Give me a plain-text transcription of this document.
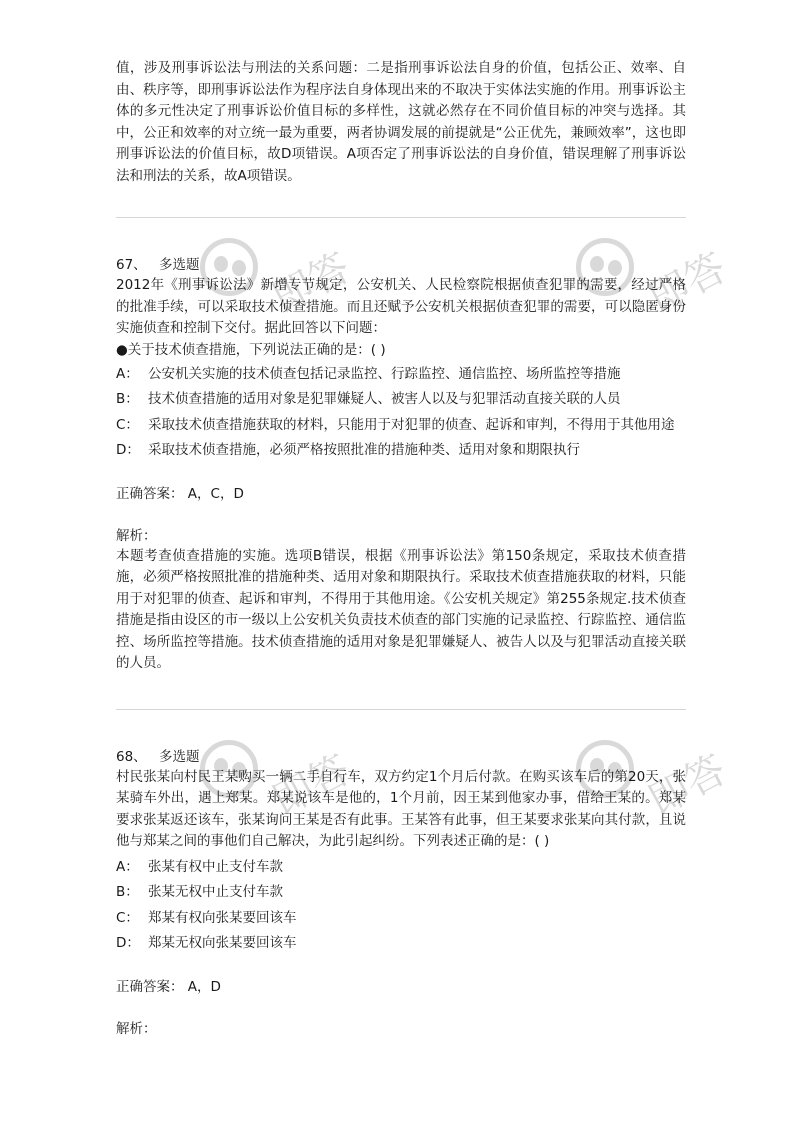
即答	即答
即答	即答

值，涉及刑事诉讼法与刑法的关系问题：二是指刑事诉讼法自身的价值，包括公正、效率、自由、秩序等，即刑事诉讼法作为程序法自身体现出来的不取决于实体法实施的作用。刑事诉讼主体的多元性决定了刑事诉讼价值目标的多样性，这就必然存在不同价值目标的冲突与选择。其中，公正和效率的对立统一最为重要，两者协调发展的前提就是“公正优先，兼顾效率”，这也即刑事诉讼法的价值目标，故D项错误。A项否定了刑事诉讼法的自身价值，错误理解了刑事诉讼法和刑法的关系，故A项错误。

67、 多选题

2012年《刑事诉讼法》新增专节规定，公安机关、人民检察院根据侦查犯罪的需要，经过严格的批准手续，可以采取技术侦查措施。而且还赋予公安机关根据侦查犯罪的需要，可以隐匿身份实施侦查和控制下交付。据此回答以下问题：

●关于技术侦查措施，下列说法正确的是：( )

A： 公安机关实施的技术侦查包括记录监控、行踪监控、通信监控、场所监控等措施

B： 技术侦查措施的适用对象是犯罪嫌疑人、被害人以及与犯罪活动直接关联的人员

C： 采取技术侦查措施获取的材料，只能用于对犯罪的侦查、起诉和审判，不得用于其他用途

D： 采取技术侦查措施，必须严格按照批准的措施种类、适用对象和期限执行

正确答案： A，C，D

解析：

本题考查侦查措施的实施。选项B错误，根据《刑事诉讼法》第150条规定，采取技术侦查措施，必须严格按照批准的措施种类、适用对象和期限执行。采取技术侦查措施获取的材料，只能用于对犯罪的侦查、起诉和审判，不得用于其他用途。《公安机关规定》第255条规定.技术侦查措施是指由设区的市一级以上公安机关负责技术侦查的部门实施的记录监控、行踪监控、通信监控、场所监控等措施。技术侦查措施的适用对象是犯罪嫌疑人、被告人以及与犯罪活动直接关联的人员。

68、 多选题

村民张某向村民王某购买一辆二手自行车，双方约定1个月后付款。在购买该车后的第20天，张某骑车外出，遇上郑某。郑某说该车是他的，1个月前，因王某到他家办事，借给王某的。郑某要求张某返还该车，张某询问王某是否有此事。王某答有此事，但王某要求张某向其付款，且说他与郑某之间的事他们自己解决，为此引起纠纷。下列表述正确的是：( )

A： 张某有权中止支付车款

B： 张某无权中止支付车款

C： 郑某有权向张某要回该车

D： 郑某无权向张某要回该车

正确答案： A，D

解析：
